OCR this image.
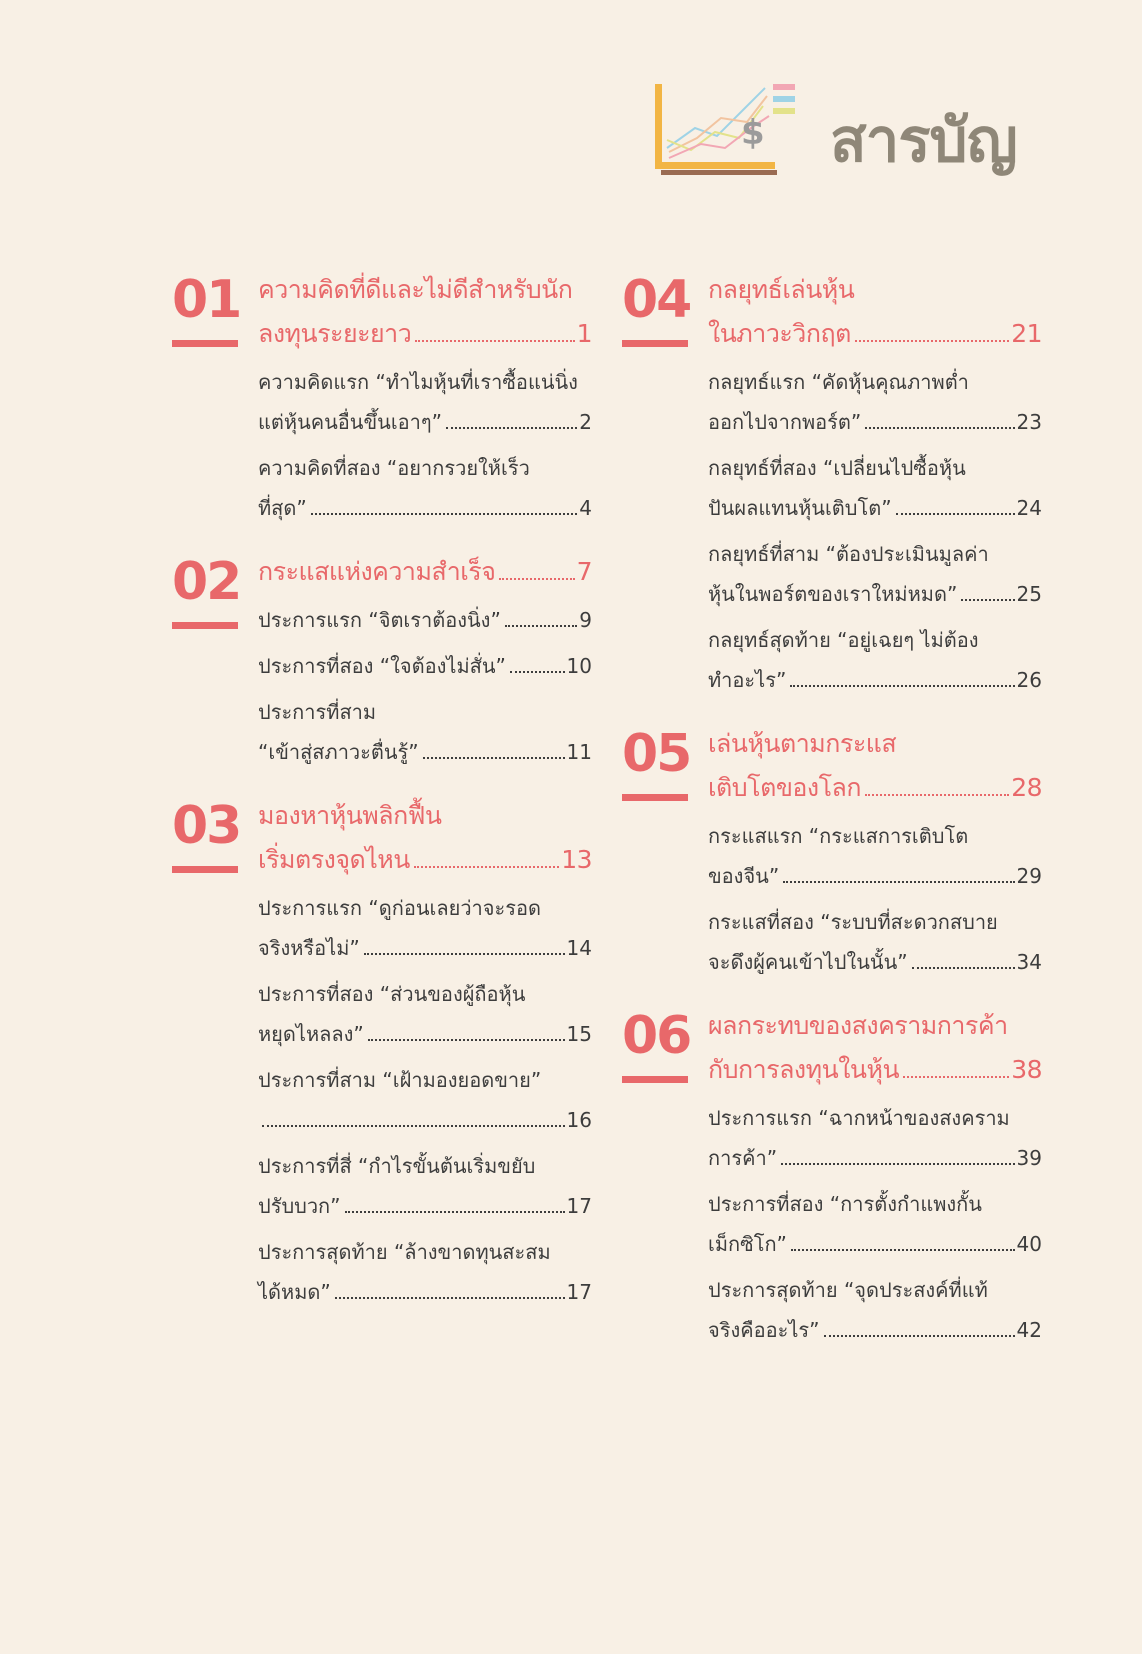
$ สารบัญ
01 ความคิดที่ดีและไม่ดีสำหรับนัก
ลงทุนระยะยาว	1
ความคิดแรก “ทำไมหุ้นที่เราซื้อแน่นิ่ง
แต่หุ้นคนอื่นขึ้นเอาๆ”	2
ความคิดที่สอง “อยากรวยให้เร็ว
ที่สุด”	4
02 กระแสแห่งความสำเร็จ	7
ประการแรก “จิตเราต้องนิ่ง”	9
ประการที่สอง “ใจต้องไม่สั่น”	10
ประการที่สาม
“เข้าสู่สภาวะตื่นรู้”	11
03 มองหาหุ้นพลิกฟื้น
เริ่มตรงจุดไหน	13
ประการแรก “ดูก่อนเลยว่าจะรอด
จริงหรือไม่”	14
ประการที่สอง “ส่วนของผู้ถือหุ้น
หยุดไหลลง”	15
ประการที่สาม “เฝ้ามองยอดขาย”
16
ประการที่สี่ “กำไรขั้นต้นเริ่มขยับ
ปรับบวก”	17
ประการสุดท้าย “ล้างขาดทุนสะสม
ได้หมด”	17
04 กลยุทธ์เล่นหุ้น
ในภาวะวิกฤต	21
กลยุทธ์แรก “คัดหุ้นคุณภาพต่ำ
ออกไปจากพอร์ต”	23
กลยุทธ์ที่สอง “เปลี่ยนไปซื้อหุ้น
ปันผลแทนหุ้นเติบโต”	24
กลยุทธ์ที่สาม “ต้องประเมินมูลค่า
หุ้นในพอร์ตของเราใหม่หมด”	25
กลยุทธ์สุดท้าย “อยู่เฉยๆ ไม่ต้อง
ทำอะไร”	26
05 เล่นหุ้นตามกระแส
เติบโตของโลก	28
กระแสแรก “กระแสการเติบโต
ของจีน”	29
กระแสที่สอง “ระบบที่สะดวกสบาย
จะดึงผู้คนเข้าไปในนั้น”	34
06 ผลกระทบของสงครามการค้า
กับการลงทุนในหุ้น	38
ประการแรก “ฉากหน้าของสงคราม
การค้า”	39
ประการที่สอง “การตั้งกำแพงกั้น
เม็กซิโก”	40
ประการสุดท้าย “จุดประสงค์ที่แท้
จริงคืออะไร”	42
